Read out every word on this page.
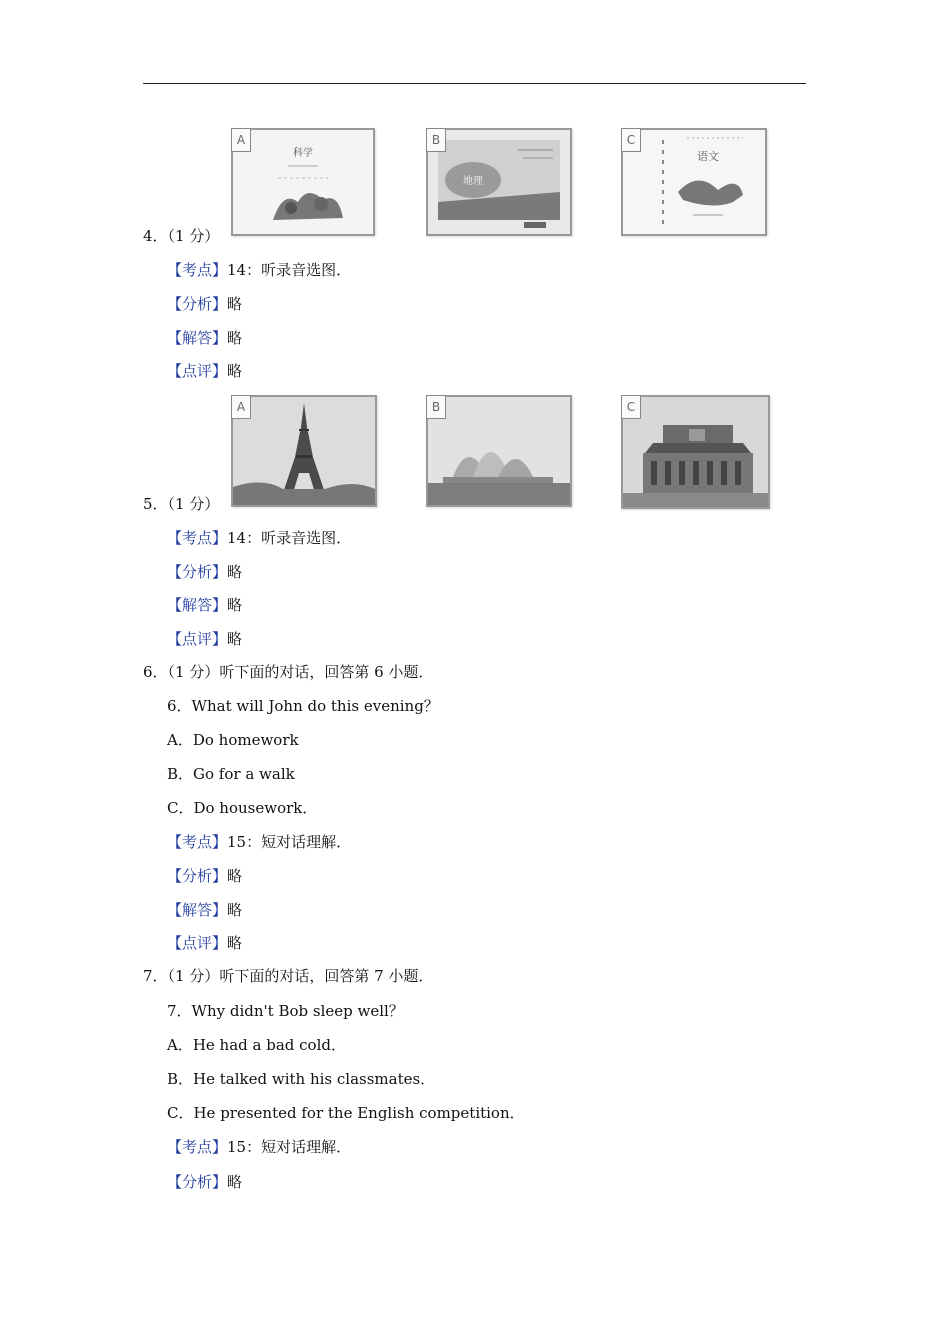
科学
A
地理
B
语文
C
4．（1 分）
【考点】14：听录音选图．
【分析】略
【解答】略
【点评】略
A	B	C
5．（1 分）
【考点】14：听录音选图．
【分析】略
【解答】略
【点评】略
6．（1 分）听下面的对话，回答第 6 小题．
6．What will John do this evening？
A．Do homework
B．Go for a walk
C．Do housework．
【考点】15：短对话理解．
【分析】略
【解答】略
【点评】略
7．（1 分）听下面的对话，回答第 7 小题．
7．Why didn't Bob sleep well？
A．He had a bad cold．
B．He talked with his classmates．
C．He presented for the English competition．
【考点】15：短对话理解．
【分析】略
